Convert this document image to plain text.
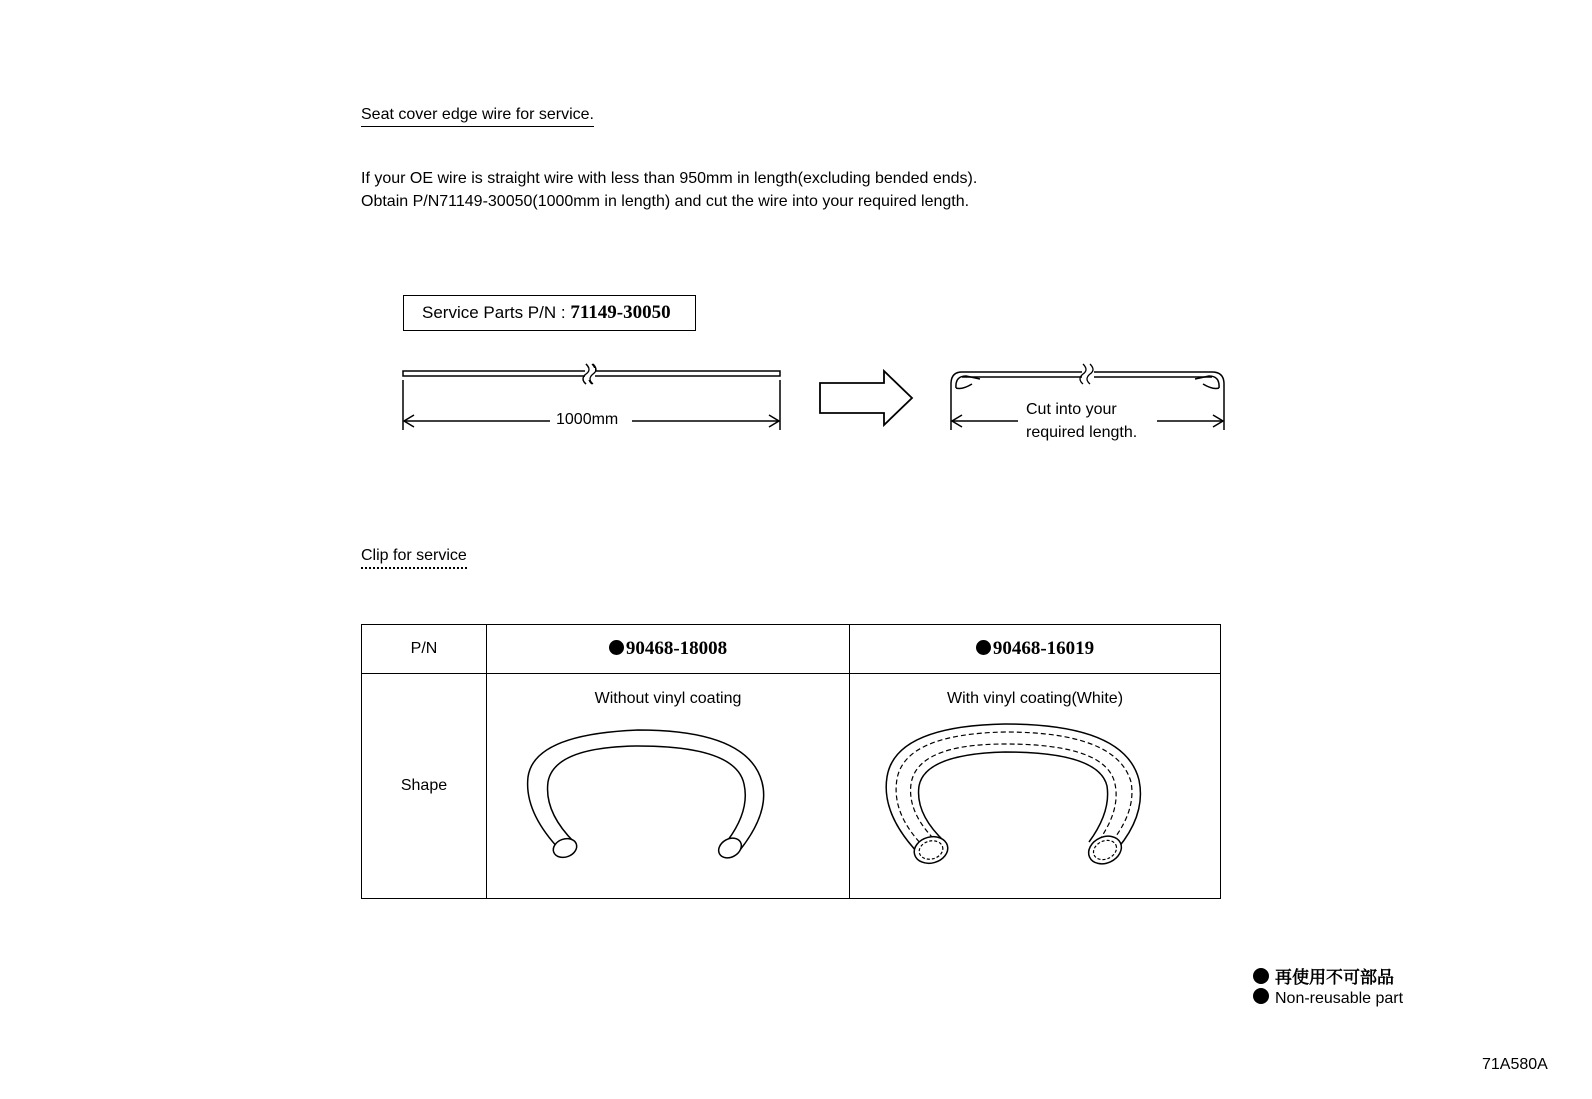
Seat cover edge wire for service.
If your OE wire is straight wire with less than 950mm in length(excluding bended ends).
Obtain P/N71149-30050(1000mm in length) and cut the wire into your required length.
Service Parts P/N : 71149-30050
1000mm
Cut into your
required length.
Clip for service
P/N	90468-18008	90468-16019
Shape	Without vinyl coating	With vinyl coating(White)
再使用不可部品
Non-reusable part
71A580A
